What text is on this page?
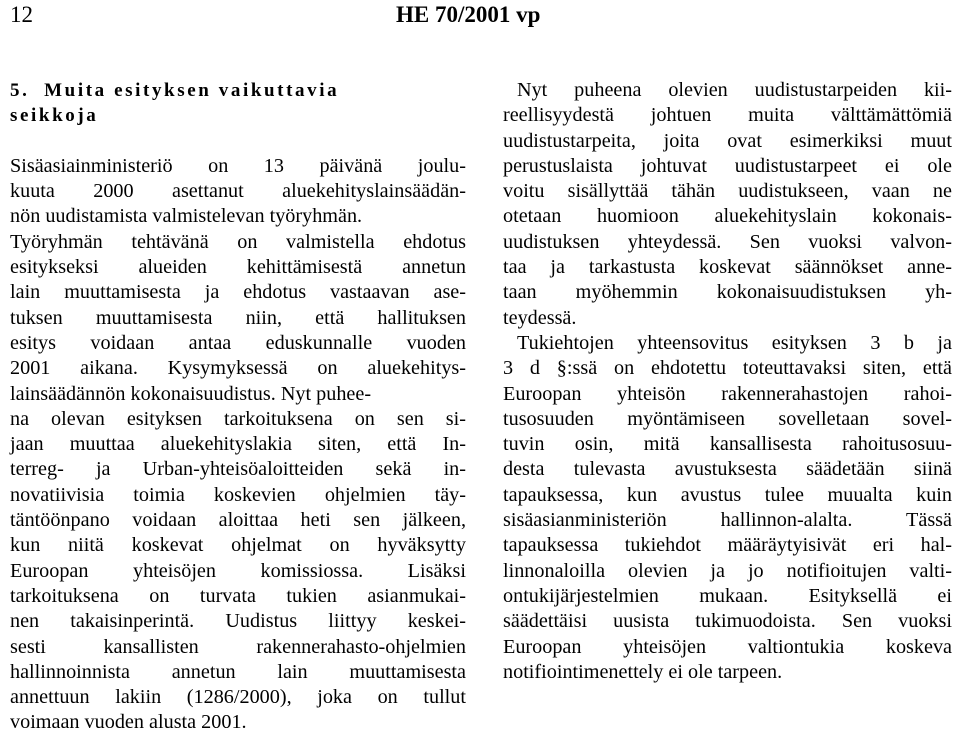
12	HE 70/2001 vp
5.  Muita esityksen vaikuttavia
seikkoja
Sisäasiainministeriö on 13 päivänä joulu-
kuuta 2000 asettanut aluekehityslainsäädän-
nön uudistamista valmistelevan työryhmän.
Työryhmän tehtävänä on valmistella ehdotus
esitykseksi alueiden kehittämisestä annetun
lain muuttamisesta ja ehdotus vastaavan ase-
tuksen muuttamisesta niin, että hallituksen
esitys voidaan antaa eduskunnalle vuoden
2001 aikana. Kysymyksessä on aluekehitys-
lainsäädännön kokonaisuudistus. Nyt puhee-
na olevan esityksen tarkoituksena on sen si-
jaan muuttaa aluekehityslakia siten, että In-
terreg- ja Urban-yhteisöaloitteiden sekä in-
novatiivisia toimia koskevien ohjelmien täy-
täntöönpano voidaan aloittaa heti sen jälkeen,
kun niitä koskevat ohjelmat on hyväksytty
Euroopan yhteisöjen komissiossa. Lisäksi
tarkoituksena on turvata tukien asianmukai-
nen takaisinperintä. Uudistus liittyy keskei-
sesti kansallisten rakennerahasto-ohjelmien
hallinnoinnista annetun lain muuttamisesta
annettuun lakiin (1286/2000), joka on tullut
voimaan vuoden alusta 2001.
Nyt puheena olevien uudistustarpeiden kii-
reellisyydestä johtuen muita välttämättömiä
uudistustarpeita, joita ovat esimerkiksi muut
perustuslaista johtuvat uudistustarpeet ei ole
voitu sisällyttää tähän uudistukseen, vaan ne
otetaan huomioon aluekehityslain kokonais-
uudistuksen yhteydessä. Sen vuoksi valvon-
taa ja tarkastusta koskevat säännökset anne-
taan myöhemmin kokonaisuudistuksen yh-
teydessä.
Tukiehtojen yhteensovitus esityksen 3 b ja
3 d §:ssä on ehdotettu toteuttavaksi siten, että
Euroopan yhteisön rakennerahastojen rahoi-
tusosuuden myöntämiseen sovelletaan sovel-
tuvin osin, mitä kansallisesta rahoitusosuu-
desta tulevasta avustuksesta säädetään siinä
tapauksessa, kun avustus tulee muualta kuin
sisäasianministeriön hallinnon-alalta. Tässä
tapauksessa tukiehdot määräytyisivät eri hal-
linnonaloilla olevien ja jo notifioitujen valti-
ontukijärjestelmien mukaan. Esityksellä ei
säädettäisi uusista tukimuodoista. Sen vuoksi
Euroopan yhteisöjen valtiontukia koskeva
notifiointimenettely ei ole tarpeen.
